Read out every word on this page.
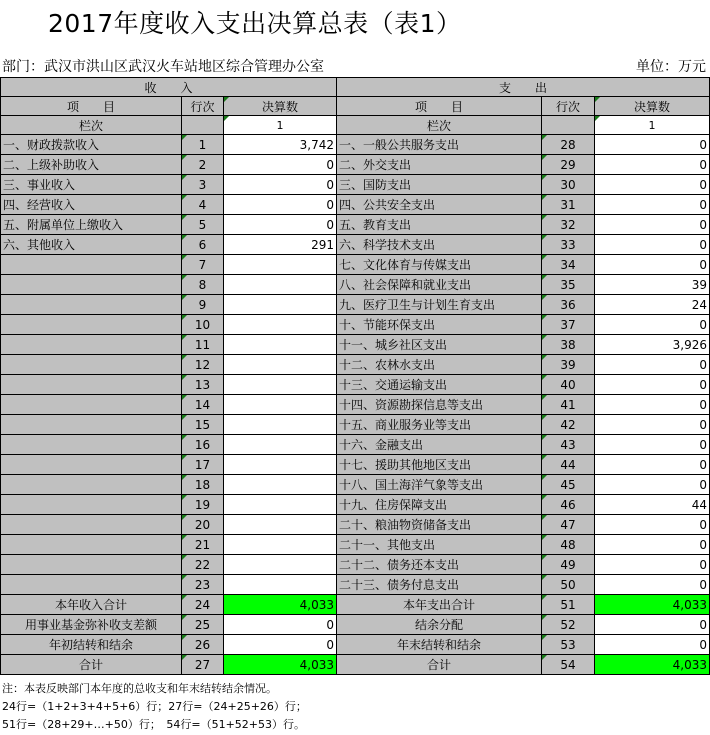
2017年度收入支出决算总表（表1）
部门：武汉市洪山区武汉火车站地区综合管理办公室	单位：万元
收　　入			支　　出		
项　　目	行次	决算数	项　　目	行次	决算数
栏次		1	栏次		1
一、财政拨款收入	1	3,742	一、一般公共服务支出	28	0
二、上级补助收入	2	0	二、外交支出	29	0
三、事业收入	3	0	三、国防支出	30	0
四、经营收入	4	0	四、公共安全支出	31	0
五、附属单位上缴收入	5	0	五、教育支出	32	0
六、其他收入	6	291	六、科学技术支出	33	0
	7		七、文化体育与传媒支出	34	0
	8		八、社会保障和就业支出	35	39
	9		九、医疗卫生与计划生育支出	36	24
	10		十、节能环保支出	37	0
	11		十一、城乡社区支出	38	3,926
	12		十二、农林水支出	39	0
	13		十三、交通运输支出	40	0
	14		十四、资源勘探信息等支出	41	0
	15		十五、商业服务业等支出	42	0
	16		十六、金融支出	43	0
	17		十七、援助其他地区支出	44	0
	18		十八、国土海洋气象等支出	45	0
	19		十九、住房保障支出	46	44
	20		二十、粮油物资储备支出	47	0
	21		二十一、其他支出	48	0
	22		二十二、债务还本支出	49	0
	23		二十三、债务付息支出	50	0
本年收入合计	24	4,033	本年支出合计	51	4,033
用事业基金弥补收支差额	25	0	结余分配	52	0
年初结转和结余	26	0	年末结转和结余	53	0
合计	27	4,033	合计	54	4,033
注：本表反映部门本年度的总收支和年末结转结余情况。
24行=（1+2+3+4+5+6）行；27行=（24+25+26）行；
51行=（28+29+…+50）行；　54行=（51+52+53）行。
